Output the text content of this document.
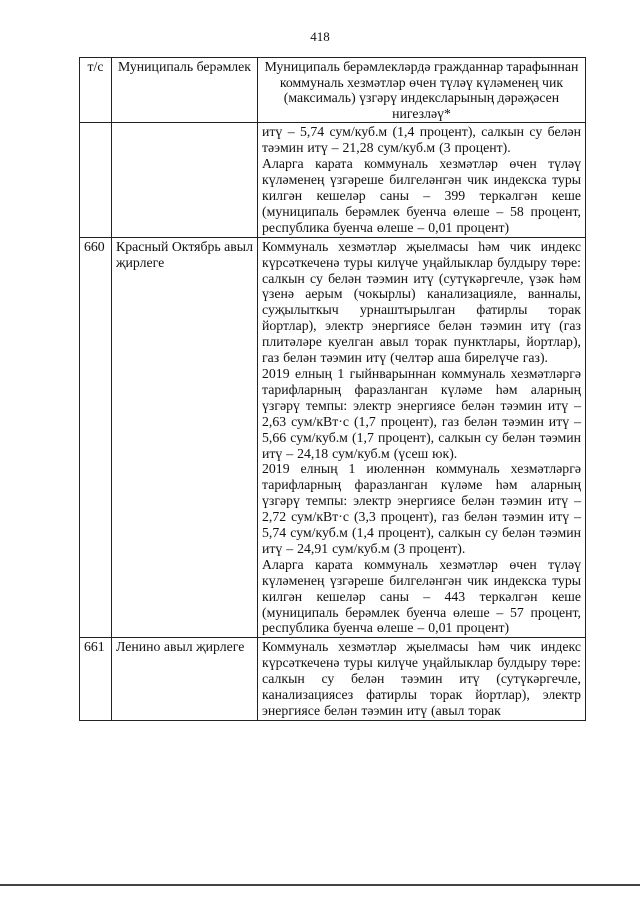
418
т/с	Муниципаль берәмлек	Муниципаль берәмлекләрдә гражданнар тарафыннан коммуналь хезмәтләр өчен түләү күләменең чик (максималь) үзгәрү индексларының дәрәҗәсен нигезләү*

		итү – 5,74 сум/куб.м (1,4 процент), салкын су белән тәэмин итү – 21,28 сум/куб.м (3 процент).

Аларга карата коммуналь хезмәтләр өчен түләү күләменең үзгәреше билгеләнгән чик индекска туры килгән кешеләр саны – 399 теркәлгән кеше (муниципаль берәмлек буенча өлеше – 58 процент, республика буенча өлеше – 0,01 процент)

660	Красный Октябрь авыл җирлеге	Коммуналь хезмәтләр җыелмасы һәм чик индекс күрсәткеченә туры килүче уңайлыклар булдыру төре: салкын су белән тәэмин итү (сутүкәргечле, үзәк һәм үзенә аерым (чокырлы) канализацияле, ванналы, суҗылыткыч урнаштырылган фатирлы торак йортлар), электр энергиясе белән тәэмин итү (газ плитәләре куелган авыл торак пунктлары, йортлар), газ белән тәэмин итү (челтәр аша бирелүче газ).

2019 елның 1 гыйнварыннан коммуналь хезмәтләргә тарифларның фаразланган күләме һәм аларның үзгәрү темпы: электр энергиясе белән тәэмин итү – 2,63 сум/кВт·с (1,7 процент), газ белән тәэмин итү – 5,66 сум/куб.м (1,7 процент), салкын су белән тәэмин итү – 24,18 сум/куб.м (үсеш юк).

2019 елның 1 июленнән коммуналь хезмәтләргә тарифларның фаразланган күләме һәм аларның үзгәрү темпы: электр энергиясе белән тәэмин итү – 2,72 сум/кВт·с (3,3 процент), газ белән тәэмин итү – 5,74 сум/куб.м (1,4 процент), салкын су белән тәэмин итү – 24,91 сум/куб.м (3 процент).

Аларга карата коммуналь хезмәтләр өчен түләү күләменең үзгәреше билгеләнгән чик индекска туры килгән кешеләр саны – 443 теркәлгән кеше (муниципаль берәмлек буенча өлеше – 57 процент, республика буенча өлеше – 0,01 процент)

661	Ленино авыл җирлеге	Коммуналь хезмәтләр җыелмасы һәм чик индекс күрсәткеченә туры килүче уңайлыклар булдыру төре: салкын су белән тәэмин итү (сутүкәргечле, канализациясез фатирлы торак йортлар), электр энергиясе белән тәэмин итү (авыл торак
